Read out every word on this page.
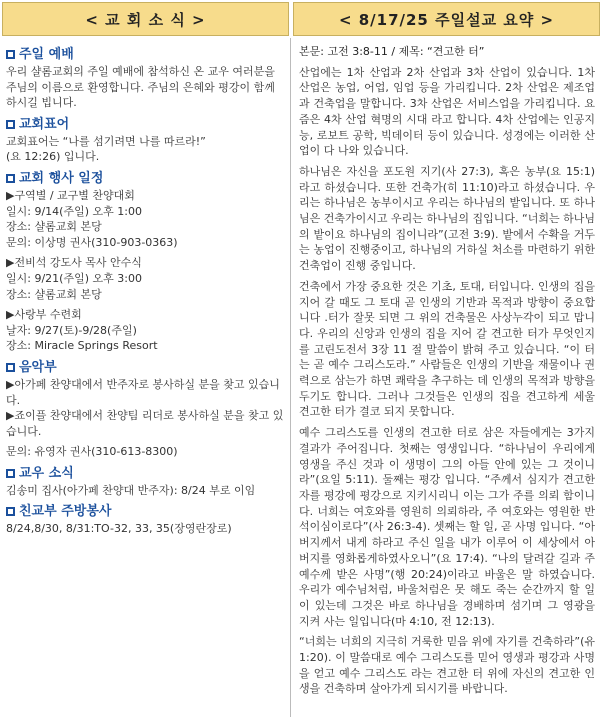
< 교 회 소 식 >	< 8/17/25 주일설교 요약 >
주일 예배

우리 샬롬교회의 주일 예배에 참석하신 온 교우 여러분을 주님의 이름으로 환영합니다. 주님의 은혜와 평강이 함께 하시길 빕니다.

교회표어

교회표어는 “나를 섬기려면 나를 따르라!”

(요 12:26) 입니다.

교회 행사 일정

▶구역별 / 교구별 찬양대회

일시: 9/14(주일) 오후 1:00

장소: 샬롬교회 본당

문의: 이상명 권사(310-903-0363)

▶전비석 강도사 목사 안수식

일시: 9/21(주일) 오후 3:00

장소: 샬롬교회 본당

▶사랑부 수련회

날자: 9/27(토)-9/28(주일)

장소: Miracle Springs Resort

음악부

▶아가페 찬양대에서 반주자로 봉사하실 분을 찾고 있습니다.

▶죠이플 찬양대에서 찬양팀 리더로 봉사하실 분을 찾고 있습니다.

문의: 유영자 권사(310-613-8300)

교우 소식

김송미 집사(아가페 찬양대 반주자): 8/24 부로 이임

친교부 주방봉사

8/24,8/30, 8/31:TO-32, 33, 35(장영란장로)

본문: 고전 3:8-11 / 제목: “견고한 터”

산업에는 1차 산업과 2차 산업과 3차 산업이 있습니다. 1차 산업은 농업, 어업, 임업 등을 가리킵니다. 2차 산업은 제조업과 건축업을 말합니다. 3차 산업은 서비스업을 가리킵니다. 요즘은 4차 산업 혁명의 시대 라고 합니다. 4차 산업에는 인공지능, 로보트 공학, 빅데이터 등이 있습니다. 성경에는 이러한 산업이 다 나와 있습니다.

하나님은 자신을 포도원 지기(사 27:3), 혹은 농부(요 15:1)라고 하셨습니다. 또한 건축가(히 11:10)라고 하셨습니다. 우리는 하나님은 농부이시고 우리는 하나님의 밭입니다. 또 하나님은 건축가이시고 우리는 하나님의 집입니다. “너희는 하나님의 밭이요 하나님의 집이니라”(고전 3:9). 밭에서 수확을 거두는 농업이 진행중이고, 하나님의 거하실 처소를 마련하기 위한 건축업이 진행 중입니다.

건축에서 가장 중요한 것은 기초, 토대, 터입니다. 인생의 집을 지어 갈 때도 그 토대 곧 인생의 기반과 목적과 방향이 중요합니다 .터가 잘못 되면 그 위의 건축물은 사상누각이 되고 맙니다. 우리의 신앙과 인생의 집을 지어 갈 견고한 터가 무엇인지를 고린도전서 3장 11 절 말씀이 밝혀 주고 있습니다. “이 터는 곧 예수 그리스도라.” 사람들은 인생의 기반을 재물이나 권력으로 삼는가 하면 쾌락을 추구하는 데 인생의 목적과 방향을 두기도 합니다. 그러나 그것들은 인생의 집을 견고하게 세울 견고한 터가 결코 되지 못합니다.

예수 그리스도를 인생의 견고한 터로 삼은 자들에게는 3가지 결과가 주어집니다. 첫째는 영생입니다. “하나님이 우리에게 영생을 주신 것과 이 생명이 그의 아들 안에 있는 그 것이니라”(요일 5:11). 둘째는 평강 입니다. “주께서 심지가 견고한 자를 평강에 평강으로 지키시리니 이는 그가 주를 의뢰 함이니다. 너희는 여호와를 영원히 의뢰하라, 주 여호와는 영원한 반석이심이로다”(사 26:3-4). 셋째는 할 일, 곧 사명 입니다. “아버지께서 내게 하라고 주신 일을 내가 이루어 이 세상에서 아버지를 영화롭게하였사오니”(요 17:4). “나의 달려갈 길과 주 예수께 받은 사명”(행 20:24)이라고 바울은 말 하였습니다. 우리가 예수님처럼, 바울처럼은 못 해도 죽는 순간까지 할 일이 있는데 그것은 바로 하나님을 경배하며 섬기며 그 영광을 지켜 사는 일입니다(마 4:10, 전 12:13).

“너희는 너희의 지극히 거룩한 믿음 위에 자기를 건축하라”(유 1:20). 이 말씀대로 예수 그리스도를 믿어 영생과 평강과 사명을 얻고 예수 그리스도 라는 견고한 터 위에 자신의 견고한 인생을 건축하며 살아가게 되시기를 바랍니다.
